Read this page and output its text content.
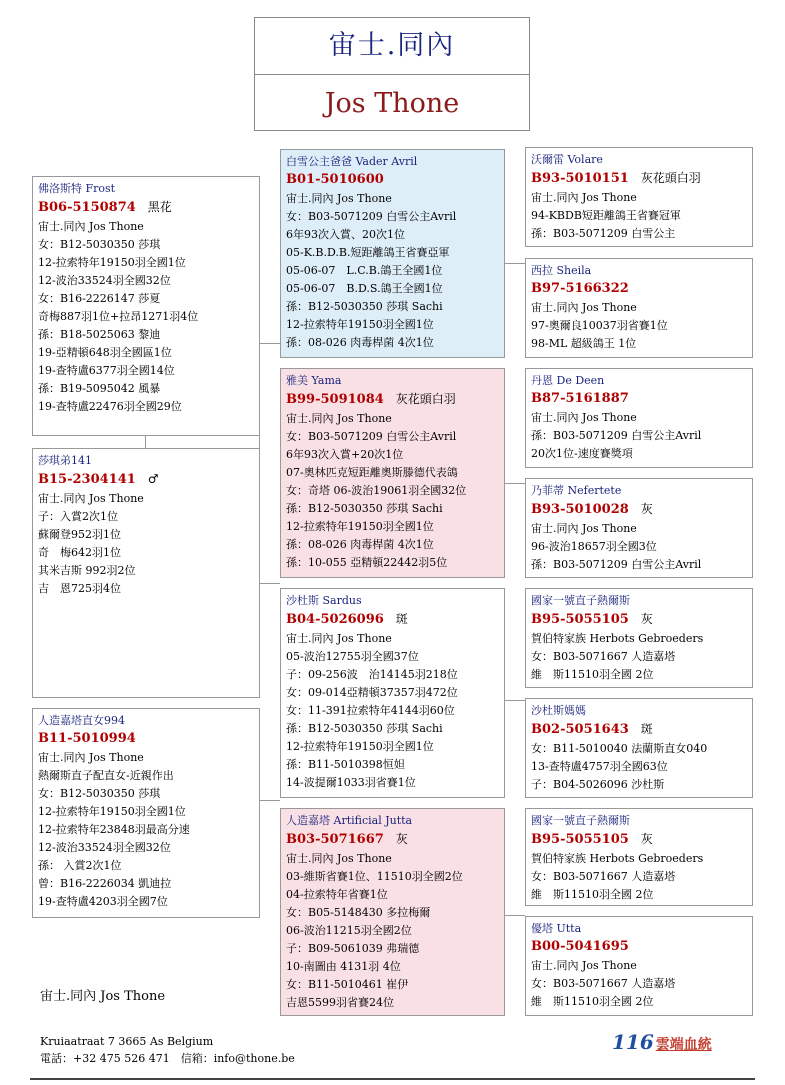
宙士.同內
Jos Thone
佛洛斯特 Frost
B06-5150874 黑花
宙士.同內 Jos Thone
女：B12-5030350 莎琪
12-拉索特年19150羽全國1位
12-波治33524羽全國32位
女：B16-2226147 莎夏
奇梅887羽1位+拉昂1271羽4位
孫：B18-5025063 黎迪
19-亞精頓648羽全國區1位
19-查特盧6377羽全國14位
孫：B19-5095042 風暴
19-查特盧22476羽全國29位
莎琪弟141
B15-2304141 ♂
宙士.同內 Jos Thone
子：入賞2次1位
蘇爾登952羽1位
奇　梅642羽1位
其米吉斯 992羽2位
吉　恩725羽4位
人造嘉塔直女994
B11-5010994
宙士.同內 Jos Thone
熱爾斯直子配直女-近親作出
女：B12-5030350 莎琪
12-拉索特年19150羽全國1位
12-拉索特年23848羽最高分速
12-波治33524羽全國32位
孫： 入賞2次1位
曾：B16-2226034 凱迪拉
19-查特盧4203羽全國7位
白雪公主爸爸 Vader Avril
B01-5010600
宙士.同內 Jos Thone
女：B03-5071209 白雪公主Avril
6年93次入賞、20次1位
05-K.B.D.B.短距離鴿王省賽亞軍
05-06-07　L.C.B.鴿王全國1位
05-06-07　B.D.S.鴿王全國1位
孫：B12-5030350 莎琪 Sachi
12-拉索特年19150羽全國1位
孫：08-026 肉毒桿菌 4次1位
雅美 Yama
B99-5091084 灰花頭白羽
宙士.同內 Jos Thone
女：B03-5071209 白雪公主Avril
6年93次入賞+20次1位
07-奧林匹克短距離奧斯滕德代表鴿
女：奇塔 06-波治19061羽全國32位
孫：B12-5030350 莎琪 Sachi
12-拉索特年19150羽全國1位
孫：08-026 肉毒桿菌 4次1位
孫：10-055 亞精頓22442羽5位
沙杜斯 Sardus
B04-5026096 斑
宙士.同內 Jos Thone
05-波治12755羽全國37位
子：09-256波　治14145羽218位
女：09-014亞精頓37357羽472位
女：11-391拉索特年4144羽60位
孫：B12-5030350 莎琪 Sachi
12-拉索特年19150羽全國1位
孫：B11-5010398恒妲
14-波提爾1033羽省賽1位
人造嘉塔 Artificial Jutta
B03-5071667 灰
宙士.同內 Jos Thone
03-維斯省賽1位、11510羽全國2位
04-拉索特年省賽1位
女：B05-5148430 多拉梅爾
06-波治11215羽全國2位
子：B09-5061039 弗瑞德
10-南圖由 4131羽 4位
女：B11-5010461 崔伊
吉恩5599羽省賽24位
沃爾雷 Volare
B93-5010151 灰花頭白羽
宙士.同內 Jos Thone
94-KBDB短距離鴿王省賽冠軍
孫：B03-5071209 白雪公主
西拉 Sheila
B97-5166322
宙士.同內 Jos Thone
97-奧爾良10037羽省賽1位
98-ML 超級鴿王 1位
丹恩 De Deen
B87-5161887
宙士.同內 Jos Thone
孫：B03-5071209 白雪公主Avril
20次1位-速度賽獎項
乃菲蒂 Nefertete
B93-5010028 灰
宙士.同內 Jos Thone
96-波治18657羽全國3位
孫：B03-5071209 白雪公主Avril
國家一號直子熱爾斯
B95-5055105 灰
賀伯特家族 Herbots Gebroeders
女：B03-5071667 人造嘉塔
維　斯11510羽全國 2位
沙杜斯媽媽
B02-5051643 斑
女：B11-5010040 法蘭斯直女040
13-查特盧4757羽全國63位
子：B04-5026096 沙杜斯
國家一號直子熱爾斯
B95-5055105 灰
賀伯特家族 Herbots Gebroeders
女：B03-5071667 人造嘉塔
維　斯11510羽全國 2位
優塔 Utta
B00-5041695
宙士.同內 Jos Thone
女：B03-5071667 人造嘉塔
維　斯11510羽全國 2位
宙士.同內 Jos Thone
Kruiaatraat 7 3665 As Belgium
電話：+32 475 526 471　信箱：info@thone.be
116 雲端血統
